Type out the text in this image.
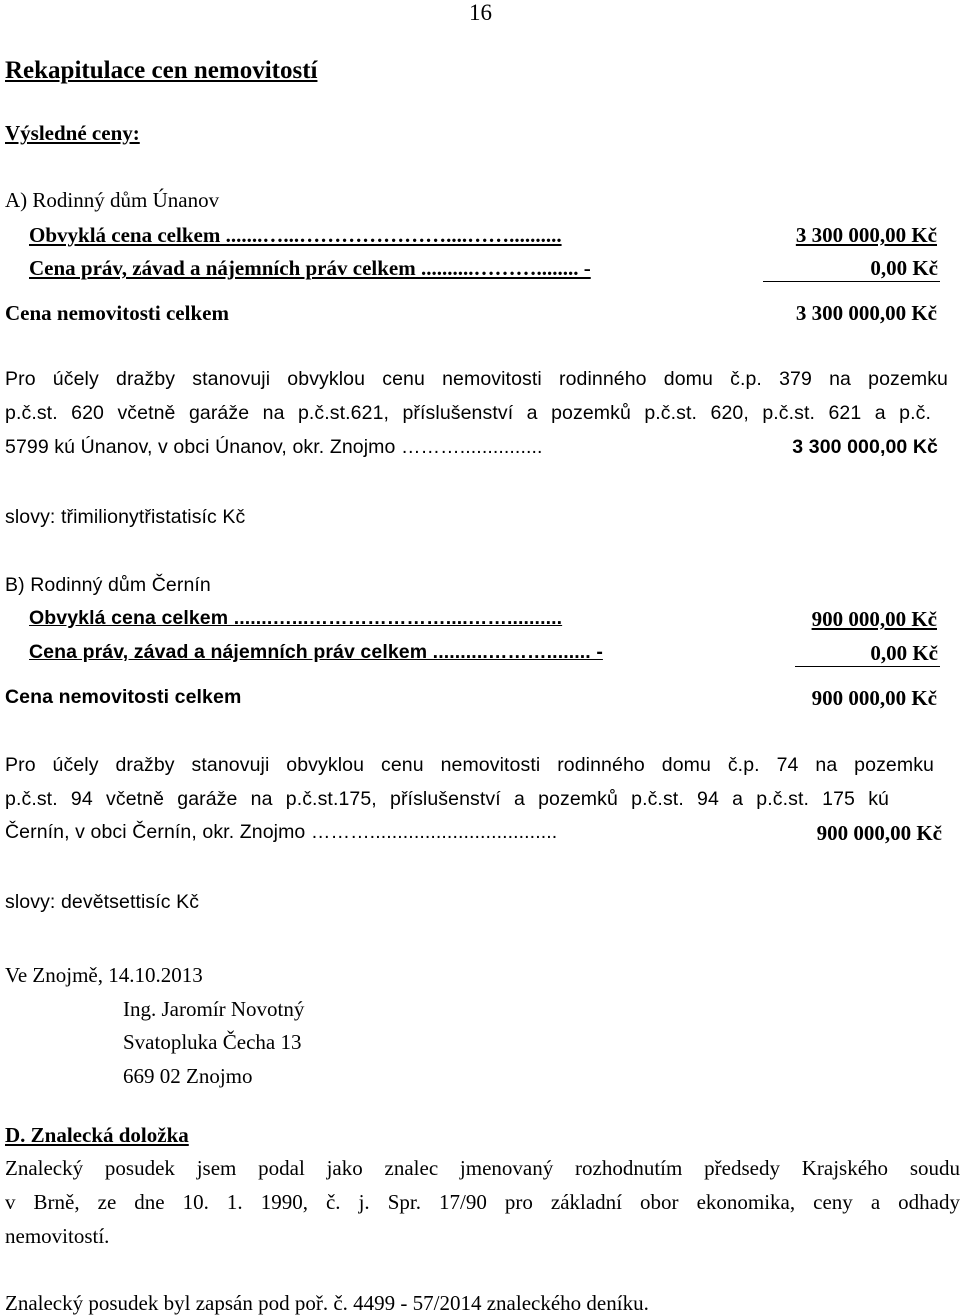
16
Rekapitulace cen nemovitostí
Výsledné ceny:
A) Rodinný dům Únanov
Obvyklá cena celkem .......…...…………………....……..........	3 300 000,00 Kč
Cena práv, závad a nájemních práv celkem ..........………........ -	0,00 Kč
Cena nemovitosti celkem	3 300 000,00 Kč
Pro účely dražby stanovuji obvyklou cenu nemovitosti rodinného domu č.p. 379 na pozemku
p.č.st. 620 včetně garáže na p.č.st.621, příslušenství a pozemků p.č.st. 620, p.č.st. 621 a p.č.
5799 kú Únanov, v obci Únanov, okr. Znojmo ………...............	3 300 000,00 Kč
slovy: třimilionytřistatisíc Kč
B) Rodinný dům Černín
Obvyklá cena celkem .......…...…………………....……..........	900 000,00 Kč
Cena práv, závad a nájemních práv celkem ..........………........ -	0,00 Kč
Cena nemovitosti celkem	900 000,00 Kč
Pro účely dražby stanovuji obvyklou cenu nemovitosti rodinného domu č.p. 74 na pozemku
p.č.st. 94 včetně garáže na p.č.st.175, příslušenství a pozemků p.č.st. 94 a p.č.st. 175 kú
Černín, v obci Černín, okr. Znojmo ………..................................	900 000,00 Kč
slovy: devětsettisíc Kč
Ve Znojmě, 14.10.2013
Ing. Jaromír Novotný
Svatopluka Čecha 13
669 02 Znojmo
D. Znalecká doložka
Znalecký posudek jsem podal jako znalec jmenovaný rozhodnutím předsedy Krajského soudu
v Brně, ze dne 10. 1. 1990, č. j. Spr. 17/90 pro základní obor ekonomika, ceny a odhady
nemovitostí.
Znalecký posudek byl zapsán pod poř. č. 4499 - 57/2014 znaleckého deníku.
